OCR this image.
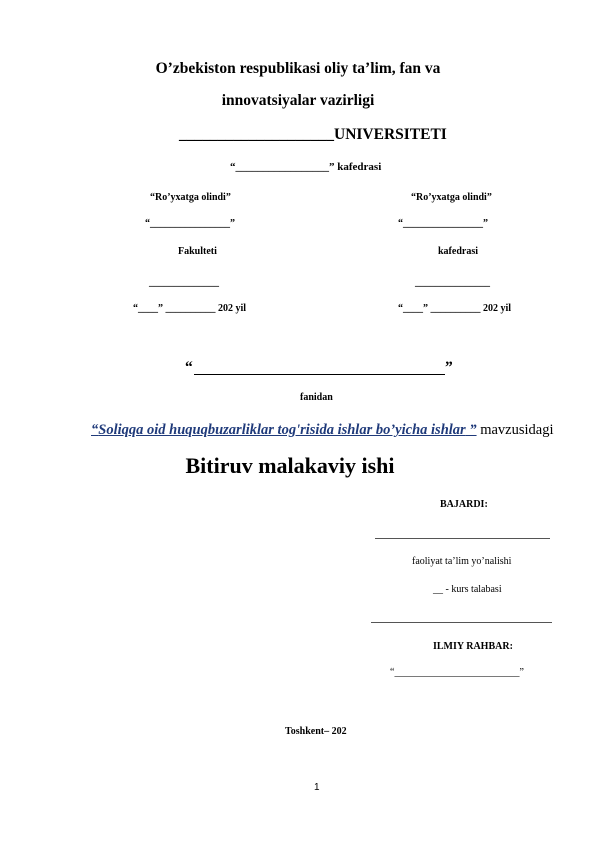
O’zbekiston respublikasi oliy ta’lim, fan va
innovatsiyalar vazirligi
____________________UNIVERSITETI
“_________________” kafedrasi
“Ro’yxatga olindi”
“________________”
Fakulteti
______________
“____” __________ 202 yil
“Ro’yxatga olindi”
“________________”
kafedrasi
_______________
“____” __________ 202 yil
“	”
fanidan
“Soliqqa oid huquqbuzarliklar tog'risida ishlar bo’yicha ishlar ” mavzusidagi
Bitiruv malakaviy ishi
BAJARDI:
faoliyat ta’lim yo’nalishi
__ - kurs talabasi
ILMIY RAHBAR:
“_________________________”
Toshkent– 202
1
